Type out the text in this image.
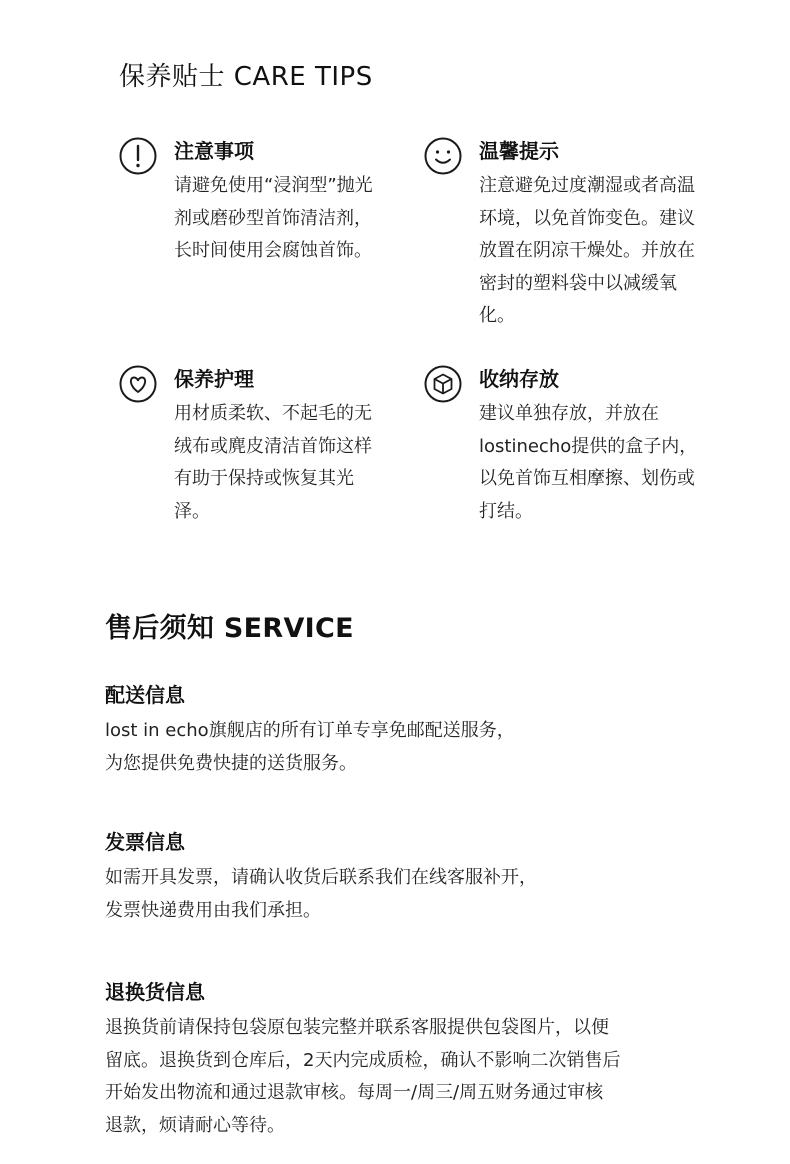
保养贴士 CARE TIPS
注意事项
请避免使用“浸润型”抛光剂或磨砂型首饰清洁剂，长时间使用会腐蚀首饰。
温馨提示
注意避免过度潮湿或者高温环境，以免首饰变色。建议放置在阴凉干燥处。并放在密封的塑料袋中以减缓氧化。
保养护理
用材质柔软、不起毛的无绒布或麂皮清洁首饰这样有助于保持或恢复其光泽。
收纳存放
建议单独存放，并放在lostinecho提供的盒子内，以免首饰互相摩擦、划伤或打结。
售后须知 SERVICE
配送信息

lost in echo旗舰店的所有订单专享免邮配送服务，
为您提供免费快捷的送货服务。

发票信息

如需开具发票，请确认收货后联系我们在线客服补开，
发票快递费用由我们承担。

退换货信息

退换货前请保持包袋原包装完整并联系客服提供包袋图片，以便
留底。退换货到仓库后，2天内完成质检，确认不影响二次销售后
开始发出物流和通过退款审核。每周一/周三/周五财务通过审核
退款，烦请耐心等待。
